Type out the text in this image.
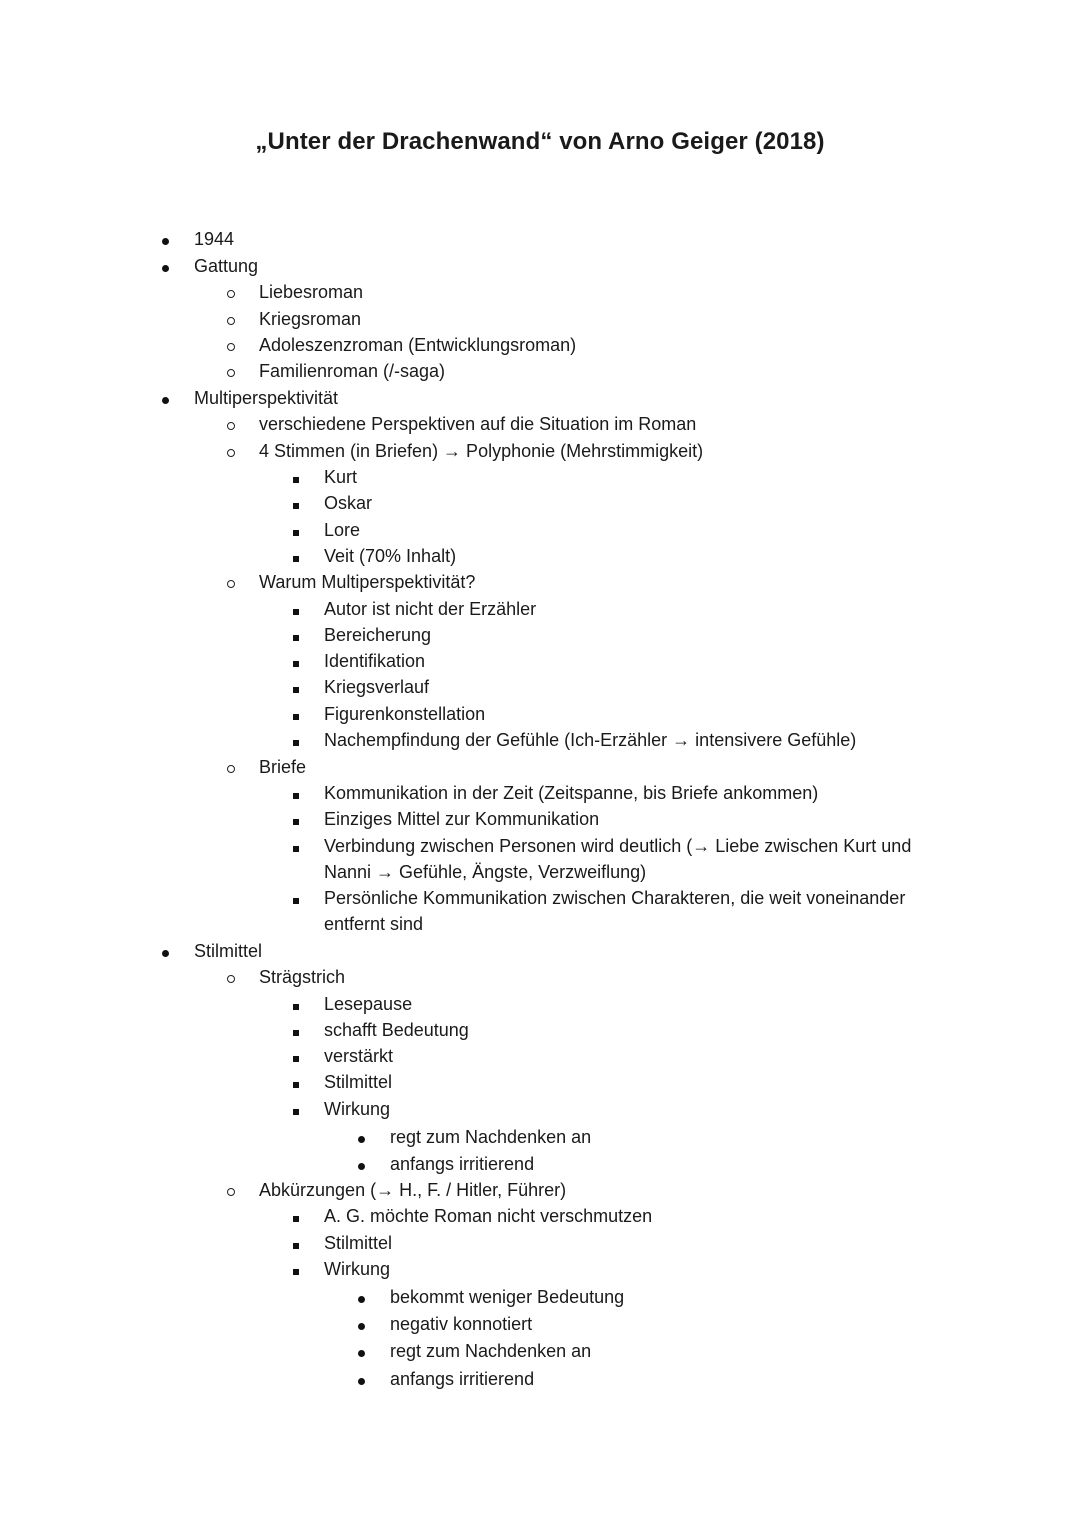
„Unter der Drachenwand“ von Arno Geiger (2018)
1944
Gattung
Liebesroman
Kriegsroman
Adoleszenzroman (Entwicklungsroman)
Familienroman (/-saga)
Multiperspektivität
verschiedene Perspektiven auf die Situation im Roman
4 Stimmen (in Briefen) → Polyphonie (Mehrstimmigkeit)
Kurt
Oskar
Lore
Veit (70% Inhalt)
Warum Multiperspektivität?
Autor ist nicht der Erzähler
Bereicherung
Identifikation
Kriegsverlauf
Figurenkonstellation
Nachempfindung der Gefühle (Ich-Erzähler → intensivere Gefühle)
Briefe
Kommunikation in der Zeit (Zeitspanne, bis Briefe ankommen)
Einziges Mittel zur Kommunikation
Verbindung zwischen Personen wird deutlich (→ Liebe zwischen Kurt und
Nanni → Gefühle, Ängste, Verzweiflung)
Persönliche Kommunikation zwischen Charakteren, die weit voneinander
entfernt sind
Stilmittel
Strägstrich
Lesepause
schafft Bedeutung
verstärkt
Stilmittel
Wirkung
regt zum Nachdenken an
anfangs irritierend
Abkürzungen (→ H., F. / Hitler, Führer)
A. G. möchte Roman nicht verschmutzen
Stilmittel
Wirkung
bekommt weniger Bedeutung
negativ konnotiert
regt zum Nachdenken an
anfangs irritierend
